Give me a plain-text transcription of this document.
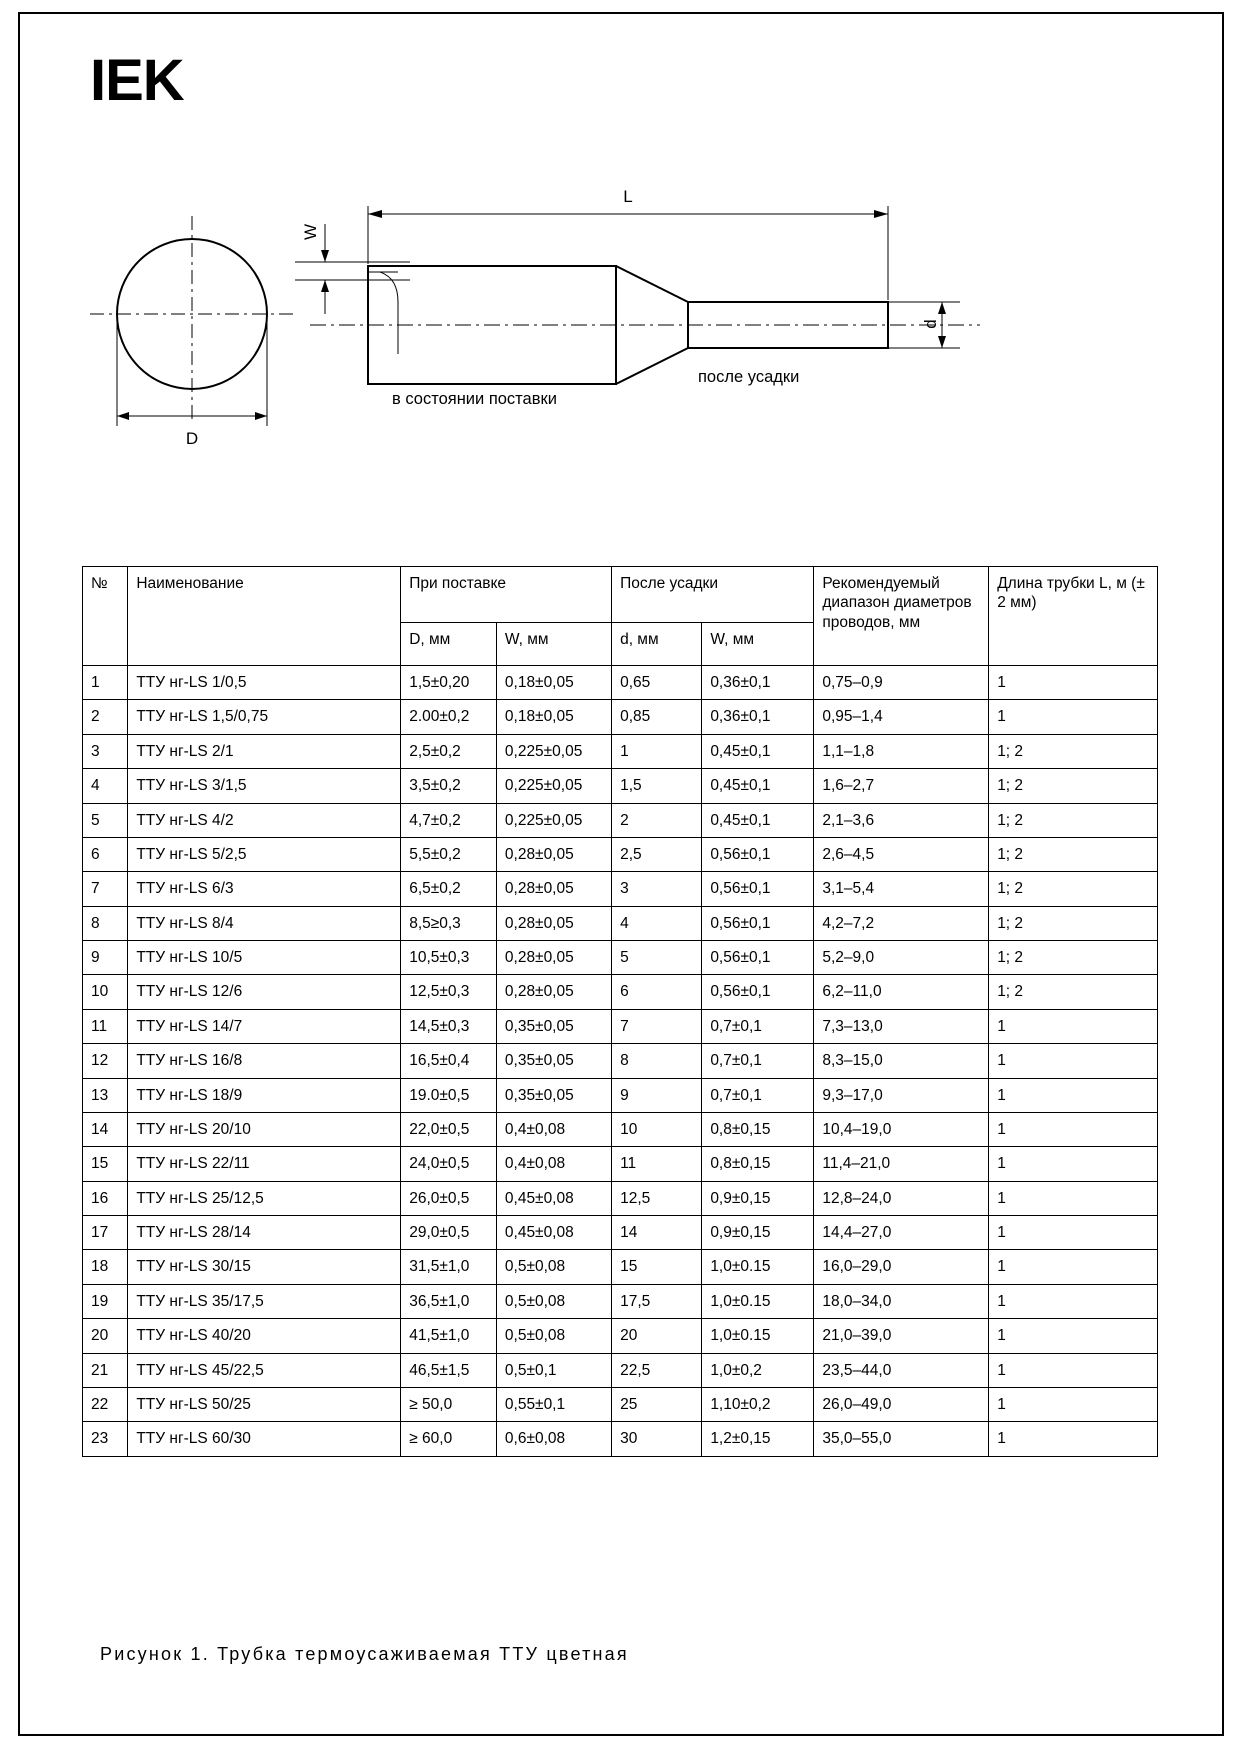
IEK
D
L
W
d
в состоянии поставки
после усадки
№	Наименование	При поставке		После усадки		Рекомендуемый диапазон диаметров проводов, мм	Длина трубки L, м (± 2 мм)
		D, мм	W, мм	d, мм	W, мм		
1	ТТУ нг-LS 1/0,5	1,5±0,20	0,18±0,05	0,65	0,36±0,1	0,75–0,9	1
2	ТТУ нг-LS 1,5/0,75	2.00±0,2	0,18±0,05	0,85	0,36±0,1	0,95–1,4	1
3	ТТУ нг-LS 2/1	2,5±0,2	0,225±0,05	1	0,45±0,1	1,1–1,8	1; 2
4	ТТУ нг-LS 3/1,5	3,5±0,2	0,225±0,05	1,5	0,45±0,1	1,6–2,7	1; 2
5	ТТУ нг-LS 4/2	4,7±0,2	0,225±0,05	2	0,45±0,1	2,1–3,6	1; 2
6	ТТУ нг-LS 5/2,5	5,5±0,2	0,28±0,05	2,5	0,56±0,1	2,6–4,5	1; 2
7	ТТУ нг-LS 6/3	6,5±0,2	0,28±0,05	3	0,56±0,1	3,1–5,4	1; 2
8	ТТУ нг-LS 8/4	8,5≥0,3	0,28±0,05	4	0,56±0,1	4,2–7,2	1; 2
9	ТТУ нг-LS 10/5	10,5±0,3	0,28±0,05	5	0,56±0,1	5,2–9,0	1; 2
10	ТТУ нг-LS 12/6	12,5±0,3	0,28±0,05	6	0,56±0,1	6,2–11,0	1; 2
11	ТТУ нг-LS 14/7	14,5±0,3	0,35±0,05	7	0,7±0,1	7,3–13,0	1
12	ТТУ нг-LS 16/8	16,5±0,4	0,35±0,05	8	0,7±0,1	8,3–15,0	1
13	ТТУ нг-LS 18/9	19.0±0,5	0,35±0,05	9	0,7±0,1	9,3–17,0	1
14	ТТУ нг-LS 20/10	22,0±0,5	0,4±0,08	10	0,8±0,15	10,4–19,0	1
15	ТТУ нг-LS 22/11	24,0±0,5	0,4±0,08	11	0,8±0,15	11,4–21,0	1
16	ТТУ нг-LS 25/12,5	26,0±0,5	0,45±0,08	12,5	0,9±0,15	12,8–24,0	1
17	ТТУ нг-LS 28/14	29,0±0,5	0,45±0,08	14	0,9±0,15	14,4–27,0	1
18	ТТУ нг-LS 30/15	31,5±1,0	0,5±0,08	15	1,0±0.15	16,0–29,0	1
19	ТТУ нг-LS 35/17,5	36,5±1,0	0,5±0,08	17,5	1,0±0.15	18,0–34,0	1
20	ТТУ нг-LS 40/20	41,5±1,0	0,5±0,08	20	1,0±0.15	21,0–39,0	1
21	ТТУ нг-LS 45/22,5	46,5±1,5	0,5±0,1	22,5	1,0±0,2	23,5–44,0	1
22	ТТУ нг-LS 50/25	≥ 50,0	0,55±0,1	25	1,10±0,2	26,0–49,0	1
23	ТТУ нг-LS 60/30	≥ 60,0	0,6±0,08	30	1,2±0,15	35,0–55,0	1
Рисунок 1. Трубка термоусаживаемая ТТУ цветная
